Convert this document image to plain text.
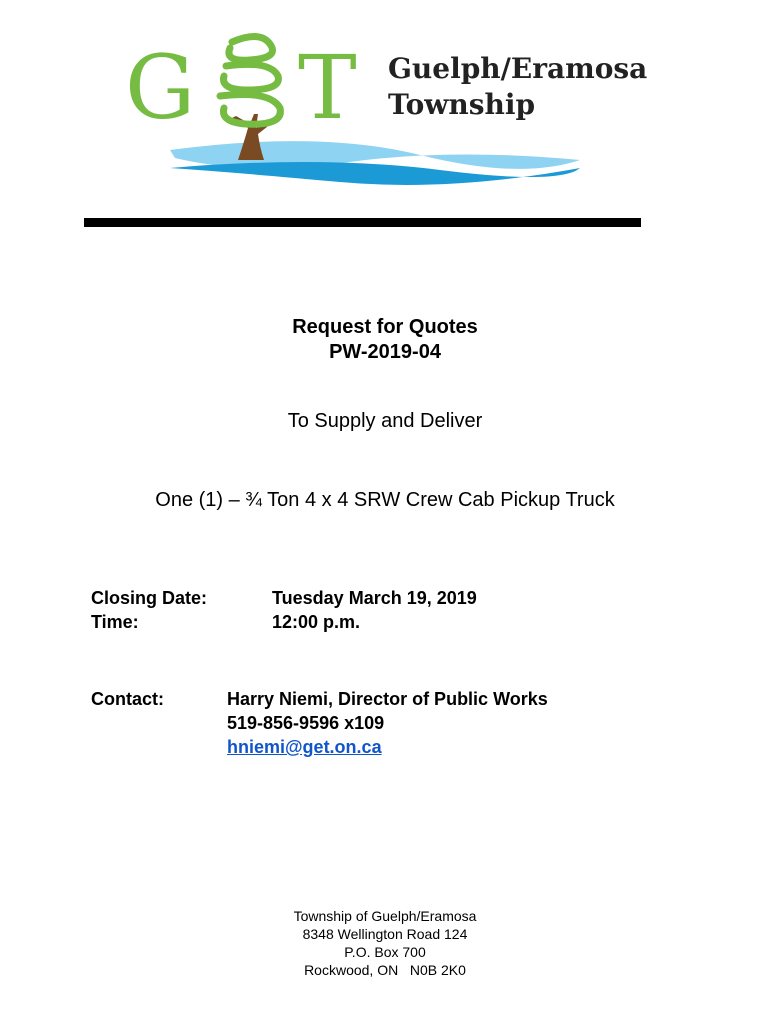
G T Guelph/Eramosa
Township
Request for Quotes
PW-2019-04
To Supply and Deliver
One (1) – ¾ Ton 4 x 4 SRW Crew Cab Pickup Truck
Closing Date:	Tuesday March 19, 2019
Time:	12:00 p.m.
Contact:	Harry Niemi, Director of Public Works
519-856-9596 x109
hniemi@get.on.ca
Township of Guelph/Eramosa
8348 Wellington Road 124
P.O. Box 700
Rockwood, ON   N0B 2K0
